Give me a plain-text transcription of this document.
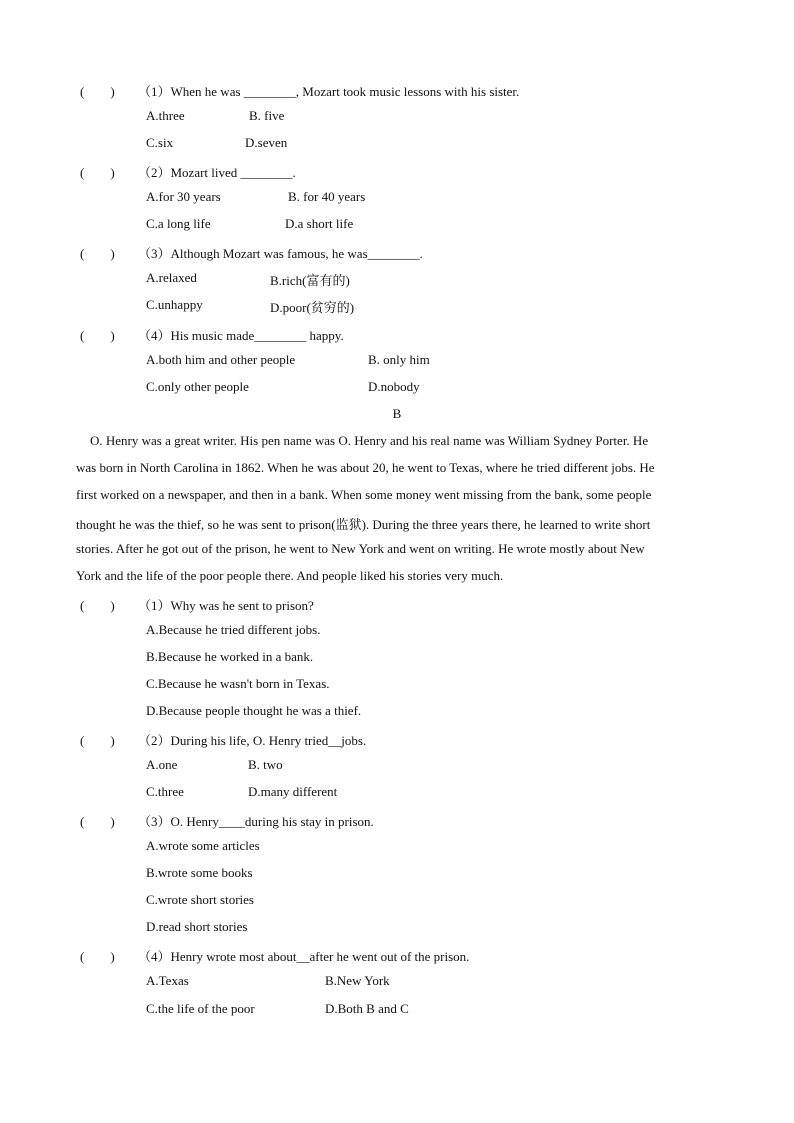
(　　) （1）When he was ________, Mozart took music lessons with his sister.
A.three	B. five
C.six	D.seven
(　　) （2）Mozart lived ________.
A.for 30 years	B. for 40 years
C.a long life	D.a short life
(　　) （3）Although Mozart was famous, he was________.
A.relaxed	B.rich(富有的)
C.unhappy	D.poor(贫穷的)
(　　) （4）His music made________ happy.
A.both him and other people	B. only him
C.only other people	D.nobody
B
O. Henry was a great writer. His pen name was O. Henry and his real name was William Sydney Porter. He
was born in North Carolina in 1862. When he was about 20, he went to Texas, where he tried different jobs. He
first worked on a newspaper, and then in a bank. When some money went missing from the bank, some people
thought he was the thief, so he was sent to prison(监狱). During the three years there, he learned to write short
stories. After he got out of the prison, he went to New York and went on writing. He wrote mostly about New
York and the life of the poor people there. And people liked his stories very much.
(　　) （1）Why was he sent to prison?
A.Because he tried different jobs.
B.Because he worked in a bank.
C.Because he wasn't born in Texas.
D.Because people thought he was a thief.
(　　) （2）During his life, O. Henry tried__jobs.
A.one	B. two
C.three	D.many different
(　　) （3）O. Henry____during his stay in prison.
A.wrote some articles
B.wrote some books
C.wrote short stories
D.read short stories
(　　) （4）Henry wrote most about__after he went out of the prison.
A.Texas	B.New York
C.the life of the poor	D.Both B and C
